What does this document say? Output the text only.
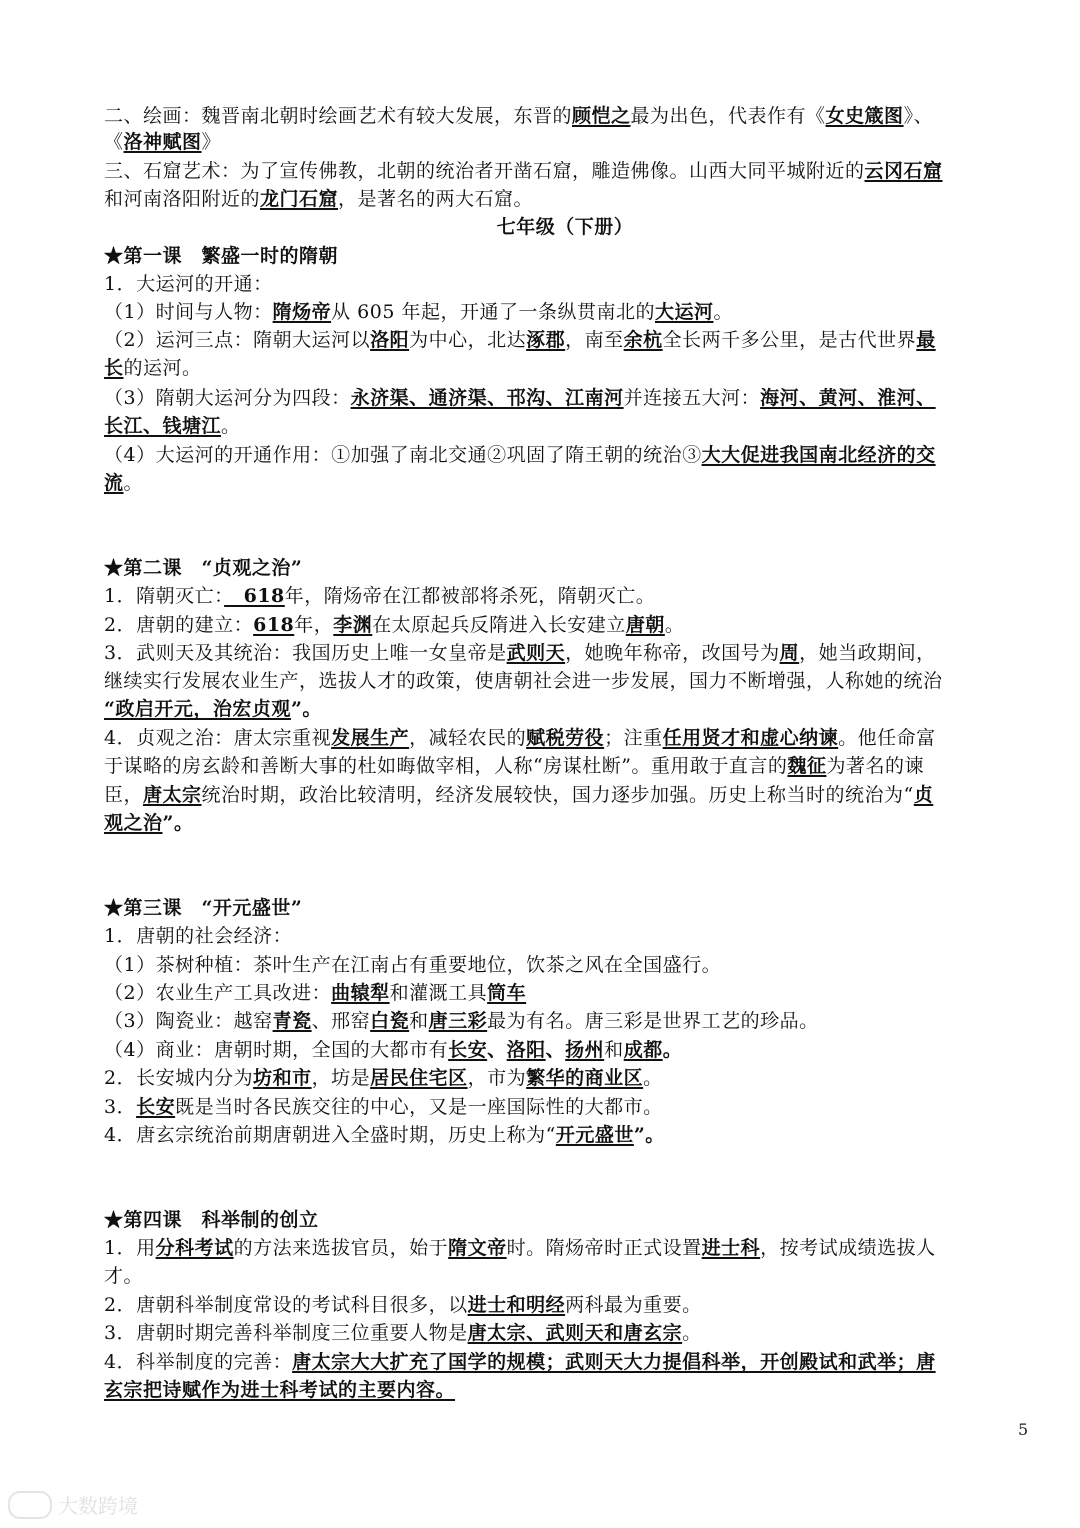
二、绘画：魏晋南北朝时绘画艺术有较大发展，东晋的顾恺之最为出色，代表作有《女史箴图》、
《洛神赋图》
三、石窟艺术：为了宣传佛教，北朝的统治者开凿石窟，雕造佛像。山西大同平城附近的云冈石窟
和河南洛阳附近的龙门石窟，是著名的两大石窟。
★第一课　繁盛一时的隋朝
1．大运河的开通：
（1）时间与人物：隋炀帝从 605 年起，开通了一条纵贯南北的大运河。
（2）运河三点：隋朝大运河以洛阳为中心，北达涿郡，南至余杭全长两千多公里，是古代世界最
长的运河。
（3）隋朝大运河分为四段：永济渠、通济渠、邗沟、江南河并连接五大河：海河、黄河、淮河、
长江、钱塘江。
（4）大运河的开通作用：①加强了南北交通②巩固了隋王朝的统治③大大促进我国南北经济的交
流。
★第二课　“贞观之治”
1．隋朝灭亡：　618年，隋炀帝在江都被部将杀死，隋朝灭亡。
2．唐朝的建立：618年，李渊在太原起兵反隋进入长安建立唐朝。
3．武则天及其统治：我国历史上唯一女皇帝是武则天，她晚年称帝，改国号为周，她当政期间，
继续实行发展农业生产，选拔人才的政策，使唐朝社会进一步发展，国力不断增强，人称她的统治
“政启开元，治宏贞观”。
4．贞观之治：唐太宗重视发展生产，减轻农民的赋税劳役；注重任用贤才和虚心纳谏。他任命富
于谋略的房玄龄和善断大事的杜如晦做宰相，人称“房谋杜断”。重用敢于直言的魏征为著名的谏
臣，唐太宗统治时期，政治比较清明，经济发展较快，国力逐步加强。历史上称当时的统治为“贞
观之治”。
★第三课　“开元盛世”
1．唐朝的社会经济：
（1）茶树种植：茶叶生产在江南占有重要地位，饮茶之风在全国盛行。
（2）农业生产工具改进：曲辕犁和灌溉工具筒车
（3）陶瓷业：越窑青瓷、邢窑白瓷和唐三彩最为有名。唐三彩是世界工艺的珍品。
（4）商业：唐朝时期，全国的大都市有长安、洛阳、扬州和成都。
2．长安城内分为坊和市，坊是居民住宅区，市为繁华的商业区。
3．长安既是当时各民族交往的中心，又是一座国际性的大都市。
4．唐玄宗统治前期唐朝进入全盛时期，历史上称为“开元盛世”。
★第四课　科举制的创立
1．用分科考试的方法来选拔官员，始于隋文帝时。隋炀帝时正式设置进士科，按考试成绩选拔人
才。
2．唐朝科举制度常设的考试科目很多，以进士和明经两科最为重要。
3．唐朝时期完善科举制度三位重要人物是唐太宗、武则天和唐玄宗。
4．科举制度的完善：唐太宗大大扩充了国学的规模；武则天大力提倡科举，开创殿试和武举；唐
玄宗把诗赋作为进士科考试的主要内容。
七年级（下册）
5
大数跨境
